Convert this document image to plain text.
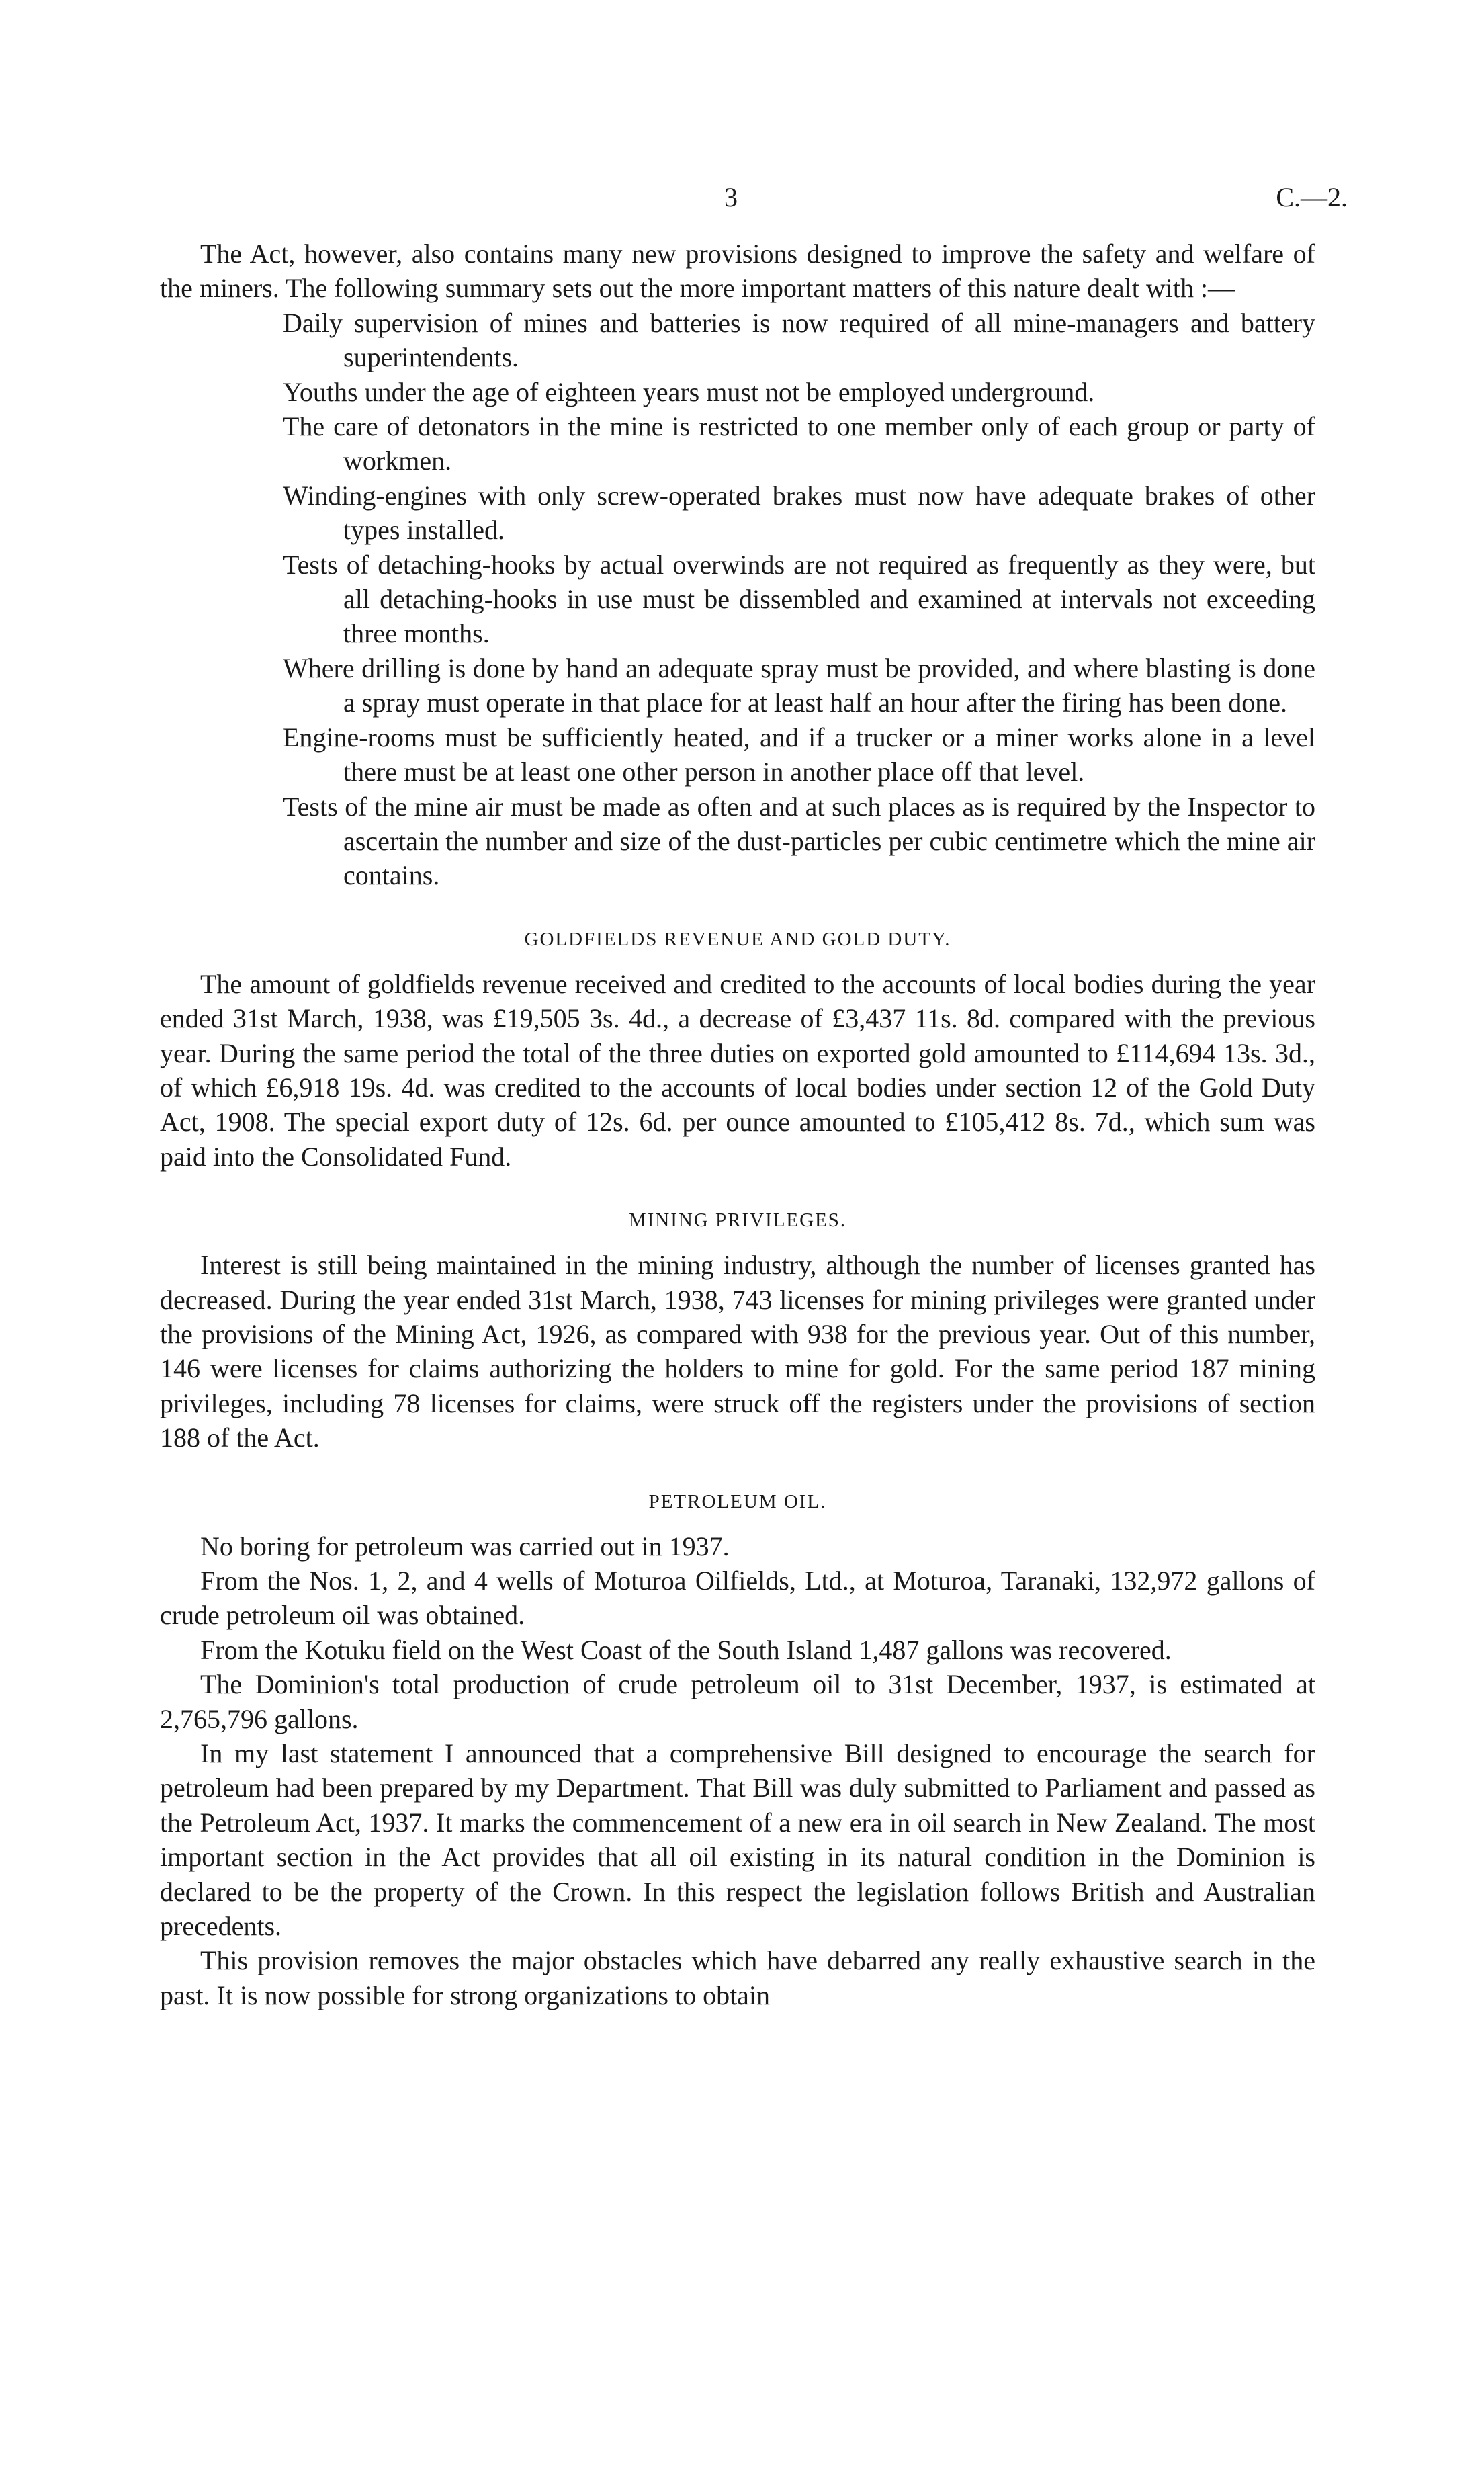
3	C.—2.

The Act, however, also contains many new provisions designed to improve the safety and welfare of the miners. The following summary sets out the more important matters of this nature dealt with :—

Daily supervision of mines and batteries is now required of all mine-managers and battery superintendents.

Youths under the age of eighteen years must not be employed underground.

The care of detonators in the mine is restricted to one member only of each group or party of workmen.

Winding-engines with only screw-operated brakes must now have adequate brakes of other types installed.

Tests of detaching-hooks by actual overwinds are not required as frequently as they were, but all detaching-hooks in use must be dissembled and examined at intervals not exceeding three months.

Where drilling is done by hand an adequate spray must be provided, and where blasting is done a spray must operate in that place for at least half an hour after the firing has been done.

Engine-rooms must be sufficiently heated, and if a trucker or a miner works alone in a level there must be at least one other person in another place off that level.

Tests of the mine air must be made as often and at such places as is required by the Inspector to ascertain the number and size of the dust-particles per cubic centimetre which the mine air contains.

GOLDFIELDS REVENUE AND GOLD DUTY.

The amount of goldfields revenue received and credited to the accounts of local bodies during the year ended 31st March, 1938, was £19,505 3s. 4d., a decrease of £3,437 11s. 8d. compared with the previous year. During the same period the total of the three duties on exported gold amounted to £114,694 13s. 3d., of which £6,918 19s. 4d. was credited to the accounts of local bodies under section 12 of the Gold Duty Act, 1908. The special export duty of 12s. 6d. per ounce amounted to £105,412 8s. 7d., which sum was paid into the Consolidated Fund.

MINING PRIVILEGES.

Interest is still being maintained in the mining industry, although the number of licenses granted has decreased. During the year ended 31st March, 1938, 743 licenses for mining privileges were granted under the provisions of the Mining Act, 1926, as compared with 938 for the previous year. Out of this number, 146 were licenses for claims authorizing the holders to mine for gold. For the same period 187 mining privileges, including 78 licenses for claims, were struck off the registers under the provisions of section 188 of the Act.

PETROLEUM OIL.

No boring for petroleum was carried out in 1937.

From the Nos. 1, 2, and 4 wells of Moturoa Oilfields, Ltd., at Moturoa, Taranaki, 132,972 gallons of crude petroleum oil was obtained.

From the Kotuku field on the West Coast of the South Island 1,487 gallons was recovered.

The Dominion's total production of crude petroleum oil to 31st December, 1937, is estimated at 2,765,796 gallons.

In my last statement I announced that a comprehensive Bill designed to encourage the search for petroleum had been prepared by my Department. That Bill was duly submitted to Parliament and passed as the Petroleum Act, 1937. It marks the commencement of a new era in oil search in New Zealand. The most important section in the Act provides that all oil existing in its natural condition in the Dominion is declared to be the property of the Crown. In this respect the legislation follows British and Australian precedents.

This provision removes the major obstacles which have debarred any really exhaustive search in the past. It is now possible for strong organizations to obtain
